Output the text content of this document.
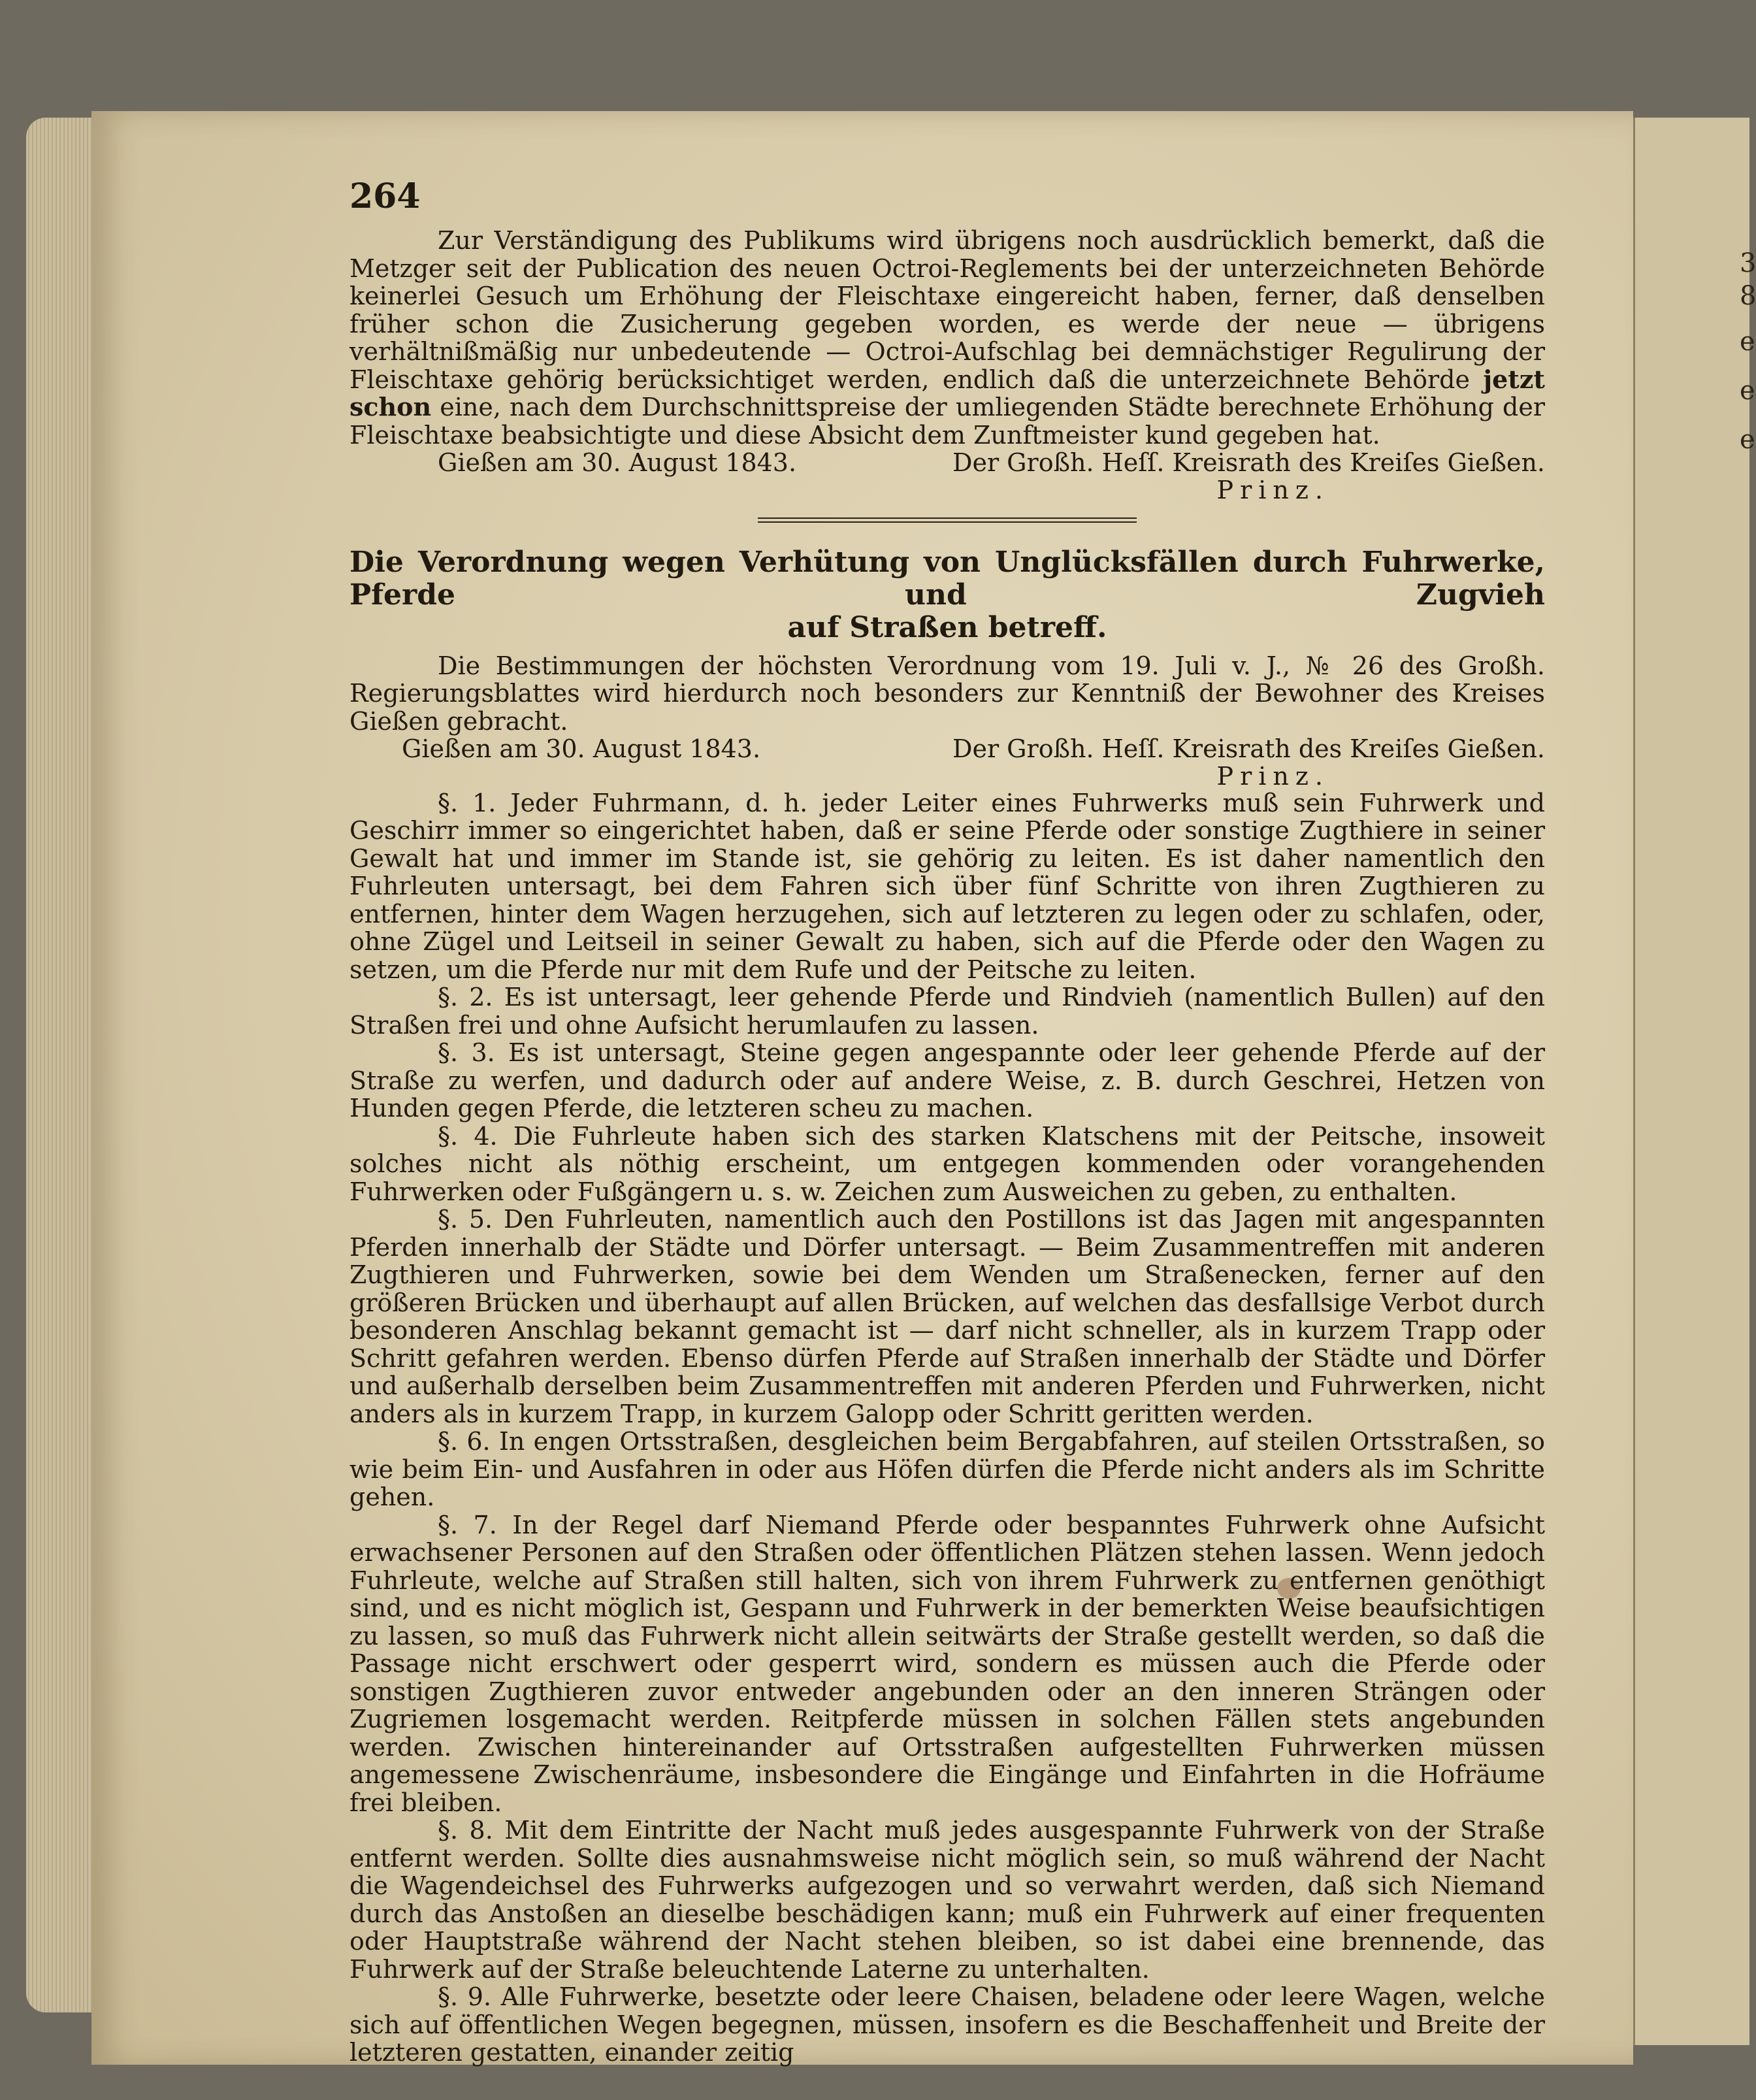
3
8
e
e
e
264

Zur Verständigung des Publikums wird übrigens noch ausdrücklich bemerkt, daß die Metzger seit der Publication des neuen Octroi-Reglements bei der unterzeichneten Behörde keinerlei Gesuch um Erhöhung der Fleischtaxe eingereicht haben, ferner, daß denselben früher schon die Zusicherung gegeben worden, es werde der neue — übrigens verhältnißmäßig nur unbedeutende — Octroi-Aufschlag bei demnächstiger Regulirung der Fleischtaxe gehörig berücksichtiget werden, endlich daß die unterzeichnete Behörde jetzt schon eine, nach dem Durchschnittspreise der umliegenden Städte berechnete Erhöhung der Fleischtaxe beabsichtigte und diese Absicht dem Zunftmeister kund gegeben hat.

Gießen am 30. August 1843.	Der Großh. Heſſ. Kreisrath des Kreiſes Gießen.
Prinz.
Die Verordnung wegen Verhütung von Unglücksfällen durch Fuhrwerke, Pferde und Zugvieh
auf Straßen betreff.

Die Bestimmungen der höchsten Verordnung vom 19. Juli v. J., № 26 des Großh. Regierungsblattes wird hierdurch noch besonders zur Kenntniß der Bewohner des Kreises Gießen gebracht.

Gießen am 30. August 1843.	Der Großh. Heſſ. Kreisrath des Kreiſes Gießen.
Prinz.

§. 1. Jeder Fuhrmann, d. h. jeder Leiter eines Fuhrwerks muß sein Fuhrwerk und Geschirr immer so eingerichtet haben, daß er seine Pferde oder sonstige Zugthiere in seiner Gewalt hat und immer im Stande ist, sie gehörig zu leiten. Es ist daher namentlich den Fuhrleuten untersagt, bei dem Fahren sich über fünf Schritte von ihren Zugthieren zu entfernen, hinter dem Wagen herzugehen, sich auf letzteren zu legen oder zu schlafen, oder, ohne Zügel und Leitseil in seiner Gewalt zu haben, sich auf die Pferde oder den Wagen zu setzen, um die Pferde nur mit dem Rufe und der Peitsche zu leiten.

§. 2. Es ist untersagt, leer gehende Pferde und Rindvieh (namentlich Bullen) auf den Straßen frei und ohne Aufsicht herumlaufen zu lassen.

§. 3. Es ist untersagt, Steine gegen angespannte oder leer gehende Pferde auf der Straße zu werfen, und dadurch oder auf andere Weise, z. B. durch Geschrei, Hetzen von Hunden gegen Pferde, die letzteren scheu zu machen.

§. 4. Die Fuhrleute haben sich des starken Klatschens mit der Peitsche, insoweit solches nicht als nöthig erscheint, um entgegen kommenden oder vorangehenden Fuhrwerken oder Fußgängern u. s. w. Zeichen zum Ausweichen zu geben, zu enthalten.

§. 5. Den Fuhrleuten, namentlich auch den Postillons ist das Jagen mit angespannten Pferden innerhalb der Städte und Dörfer untersagt. — Beim Zusammentreffen mit anderen Zugthieren und Fuhrwerken, sowie bei dem Wenden um Straßenecken, ferner auf den größeren Brücken und überhaupt auf allen Brücken, auf welchen das desfallsige Verbot durch besonderen Anschlag bekannt gemacht ist — darf nicht schneller, als in kurzem Trapp oder Schritt gefahren werden. Ebenso dürfen Pferde auf Straßen innerhalb der Städte und Dörfer und außerhalb derselben beim Zusammentreffen mit anderen Pferden und Fuhrwerken, nicht anders als in kurzem Trapp, in kurzem Galopp oder Schritt geritten werden.

§. 6. In engen Ortsstraßen, desgleichen beim Bergabfahren, auf steilen Ortsstraßen, so wie beim Ein- und Ausfahren in oder aus Höfen dürfen die Pferde nicht anders als im Schritte gehen.

§. 7. In der Regel darf Niemand Pferde oder bespanntes Fuhrwerk ohne Aufsicht erwachsener Personen auf den Straßen oder öffentlichen Plätzen stehen lassen. Wenn jedoch Fuhrleute, welche auf Straßen still halten, sich von ihrem Fuhrwerk zu entfernen genöthigt sind, und es nicht möglich ist, Gespann und Fuhrwerk in der bemerkten Weise beaufsichtigen zu lassen, so muß das Fuhrwerk nicht allein seitwärts der Straße gestellt werden, so daß die Passage nicht erschwert oder gesperrt wird, sondern es müssen auch die Pferde oder sonstigen Zugthieren zuvor entweder angebunden oder an den inneren Strängen oder Zugriemen losgemacht werden. Reitpferde müssen in solchen Fällen stets angebunden werden. Zwischen hintereinander auf Ortsstraßen aufgestellten Fuhrwerken müssen angemessene Zwischenräume, insbesondere die Eingänge und Einfahrten in die Hofräume frei bleiben.

§. 8. Mit dem Eintritte der Nacht muß jedes ausgespannte Fuhrwerk von der Straße entfernt werden. Sollte dies ausnahmsweise nicht möglich sein, so muß während der Nacht die Wagendeichsel des Fuhrwerks aufgezogen und so verwahrt werden, daß sich Niemand durch das Anstoßen an dieselbe beschädigen kann; muß ein Fuhrwerk auf einer frequenten oder Hauptstraße während der Nacht stehen bleiben, so ist dabei eine brennende, das Fuhrwerk auf der Straße beleuchtende Laterne zu unterhalten.

§. 9. Alle Fuhrwerke, besetzte oder leere Chaisen, beladene oder leere Wagen, welche sich auf öffentlichen Wegen begegnen, müssen, insofern es die Beschaffenheit und Breite der letzteren gestatten, einander zeitig
